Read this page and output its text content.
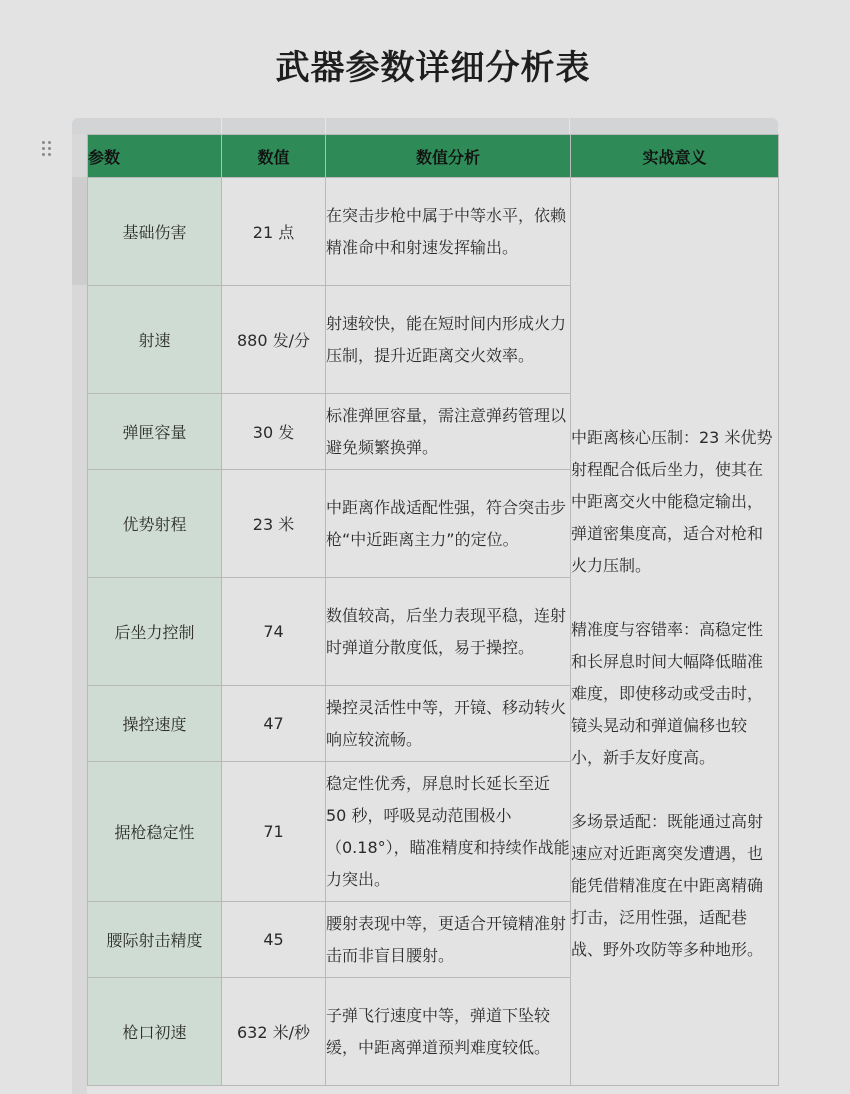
武器参数详细分析表
参数	数值	数值分析	实战意义
基础伤害	21 点	在突击步枪中属于中等水平，依赖精准命中和射速发挥输出。	中距离核心压制：23 米优势射程配合低后坐力，使其在中距离交火中能稳定输出，弹道密集度高，适合对枪和火力压制。
精准度与容错率：高稳定性和长屏息时间大幅降低瞄准难度，即使移动或受击时，镜头晃动和弹道偏移也较小，新手友好度高。
多场景适配：既能通过高射速应对近距离突发遭遇，也能凭借精准度在中距离精确打击，泛用性强，适配巷战、野外攻防等多种地形。

射速	880 发/分	射速较快，能在短时间内形成火力压制，提升近距离交火效率。	
弹匣容量	30 发	标准弹匣容量，需注意弹药管理以避免频繁换弹。	
优势射程	23 米	中距离作战适配性强，符合突击步枪“中近距离主力”的定位。	
后坐力控制	74	数值较高，后坐力表现平稳，连射时弹道分散度低，易于操控。	
操控速度	47	操控灵活性中等，开镜、移动转火响应较流畅。	
据枪稳定性	71	稳定性优秀，屏息时长延长至近 50 秒，呼吸晃动范围极小（0.18°），瞄准精度和持续作战能力突出。	
腰际射击精度	45	腰射表现中等，更适合开镜精准射击而非盲目腰射。	
枪口初速	632 米/秒	子弹飞行速度中等，弹道下坠较缓，中距离弹道预判难度较低。	
